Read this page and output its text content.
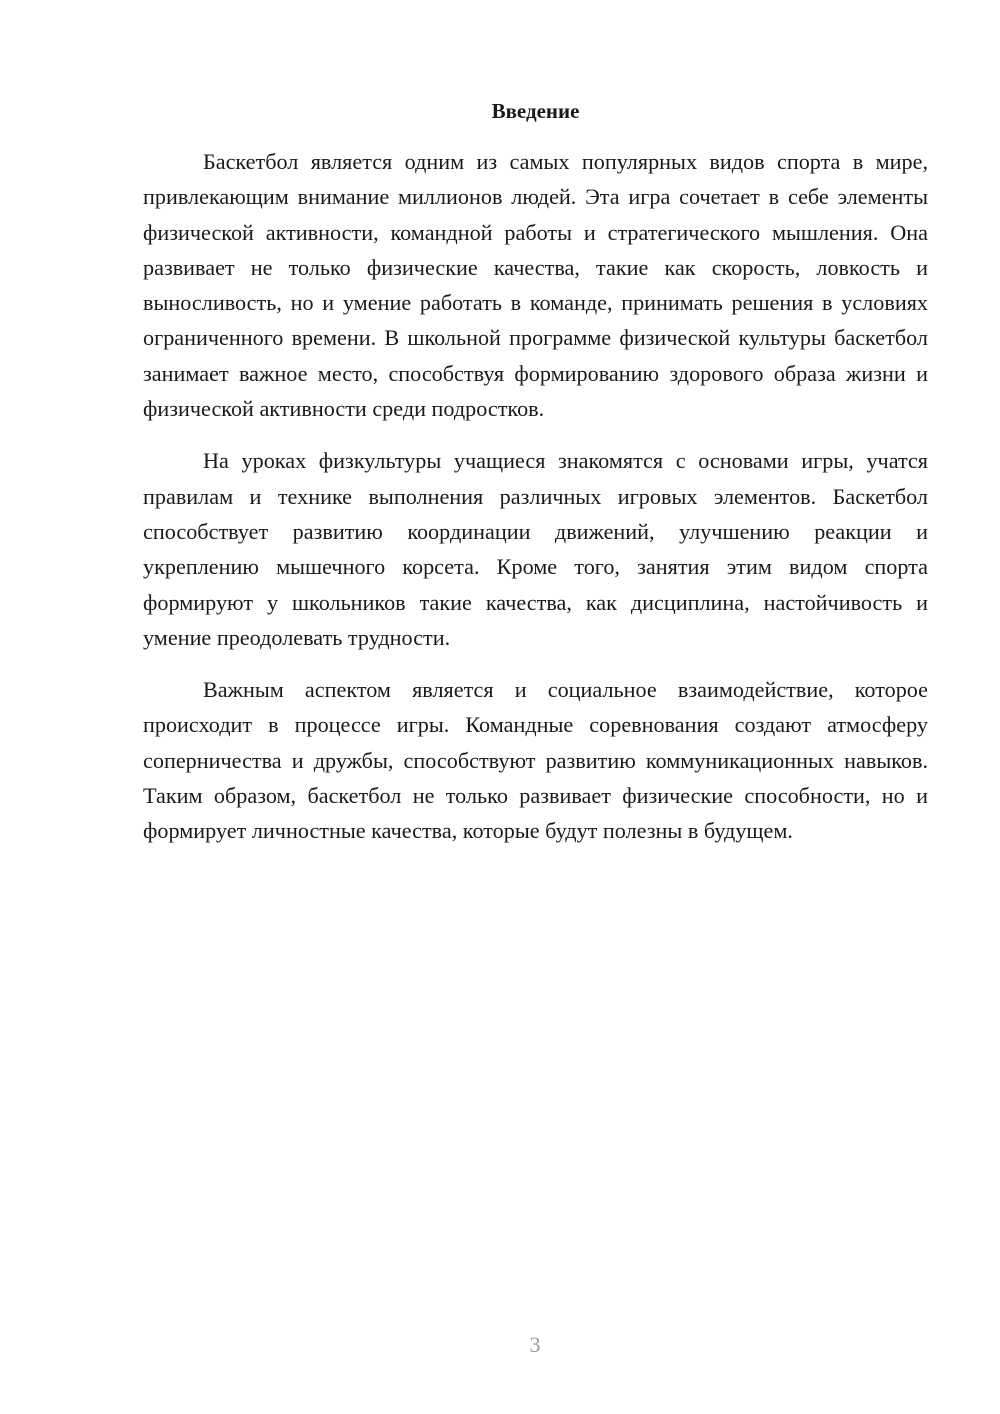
Введение

Баскетбол является одним из самых популярных видов спорта в мире, привлекающим внимание миллионов людей. Эта игра сочетает в себе элементы физической активности, командной работы и стратегического мышления. Она развивает не только физические качества, такие как скорость, ловкость и выносливость, но и умение работать в команде, принимать решения в условиях ограниченного времени. В школьной программе физической культуры баскетбол занимает важное место, способствуя формированию здорового образа жизни и физической активности среди подростков.

На уроках физкультуры учащиеся знакомятся с основами игры, учатся правилам и технике выполнения различных игровых элементов. Баскетбол способствует развитию координации движений, улучшению реакции и укреплению мышечного корсета. Кроме того, занятия этим видом спорта формируют у школьников такие качества, как дисциплина, настойчивость и умение преодолевать трудности.

Важным аспектом является и социальное взаимодействие, которое происходит в процессе игры. Командные соревнования создают атмосферу соперничества и дружбы, способствуют развитию коммуникационных навыков. Таким образом, баскетбол не только развивает физические способности, но и формирует личностные качества, которые будут полезны в будущем.

3
